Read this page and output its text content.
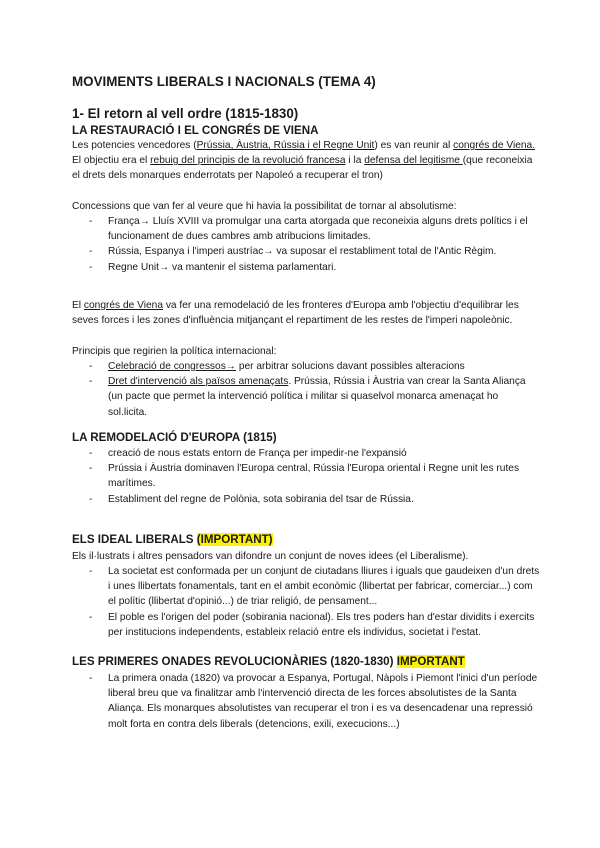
MOVIMENTS LIBERALS I NACIONALS (TEMA 4)
1- El retorn al vell ordre (1815-1830)
LA RESTAURACIÓ I EL CONGRÉS DE VIENA
Les potencies vencedores (Prússia, Àustria, Rússia i el Regne Unit) es van reunir al congrés de Viena. El objectiu era el rebuig del principis de la revolució francesa i la defensa del legitisme (que reconeixia el drets dels monarques enderrotats per Napoleó a recuperar el tron)
Concessions que van fer al veure que hi havia la possibilitat de tornar al absolutisme:
- França→ Lluís XVIII va promulgar una carta atorgada que reconeixia alguns drets polítics i el funcionament de dues cambres amb atribucions limitades.
- Rússia, Espanya i l'imperi austríac→ va suposar el restabliment total de l'Antic Règim.
- Regne Unit→ va mantenir el sistema parlamentari.
El congrés de Viena va fer una remodelació de les fronteres d'Europa amb l'objectiu d'equilibrar les seves forces i les zones d'influència mitjançant el repartiment de les restes de l'imperi napoleònic.
Principis que regirien la política internacional:
- Celebració de congressos→ per arbitrar solucions davant possibles alteracions
- Dret d'intervenció als països amenaçats. Prússia, Rússia i Àustria van crear la Santa Aliança (un pacte que permet la intervenció política i militar si quaselvol monarca amenaçat ho sol.licita.
LA REMODELACIÓ D'EUROPA (1815)
- creació de nous estats entorn de França per impedir-ne l'expansió
- Prússia i Àustria dominaven l'Europa central, Rússia l'Europa oriental i Regne unit les rutes marítimes.
- Establiment del regne de Polònia, sota sobirania del tsar de Rússia.
ELS IDEAL LIBERALS (IMPORTANT)
Els il·lustrats i altres pensadors van difondre un conjunt de noves idees (el Liberalisme).
- La societat est conformada per un conjunt de ciutadans lliures i iguals que gaudeixen d'un drets i unes llibertats fonamentals, tant en el ambit econòmic (llibertat per fabricar, comerciar...) com el polític (llibertat d'opinió...) de triar religió, de pensament...
- El poble es l'origen del poder (sobirania nacional). Els tres poders han d'estar dividits i exercits per institucions independents, estableix relació entre els individus, societat i l'estat.
LES PRIMERES ONADES REVOLUCIONÀRIES (1820-1830) IMPORTANT
- La primera onada (1820) va provocar a Espanya, Portugal, Nàpols i Piemont l'inici d'un període liberal breu que va finalitzar amb l'intervenció directa de les forces absolutistes de la Santa Aliança. Els monarques absolutistes van recuperar el tron i es va desencadenar una repressió molt forta en contra dels liberals (detencions, exili, execucions...)
